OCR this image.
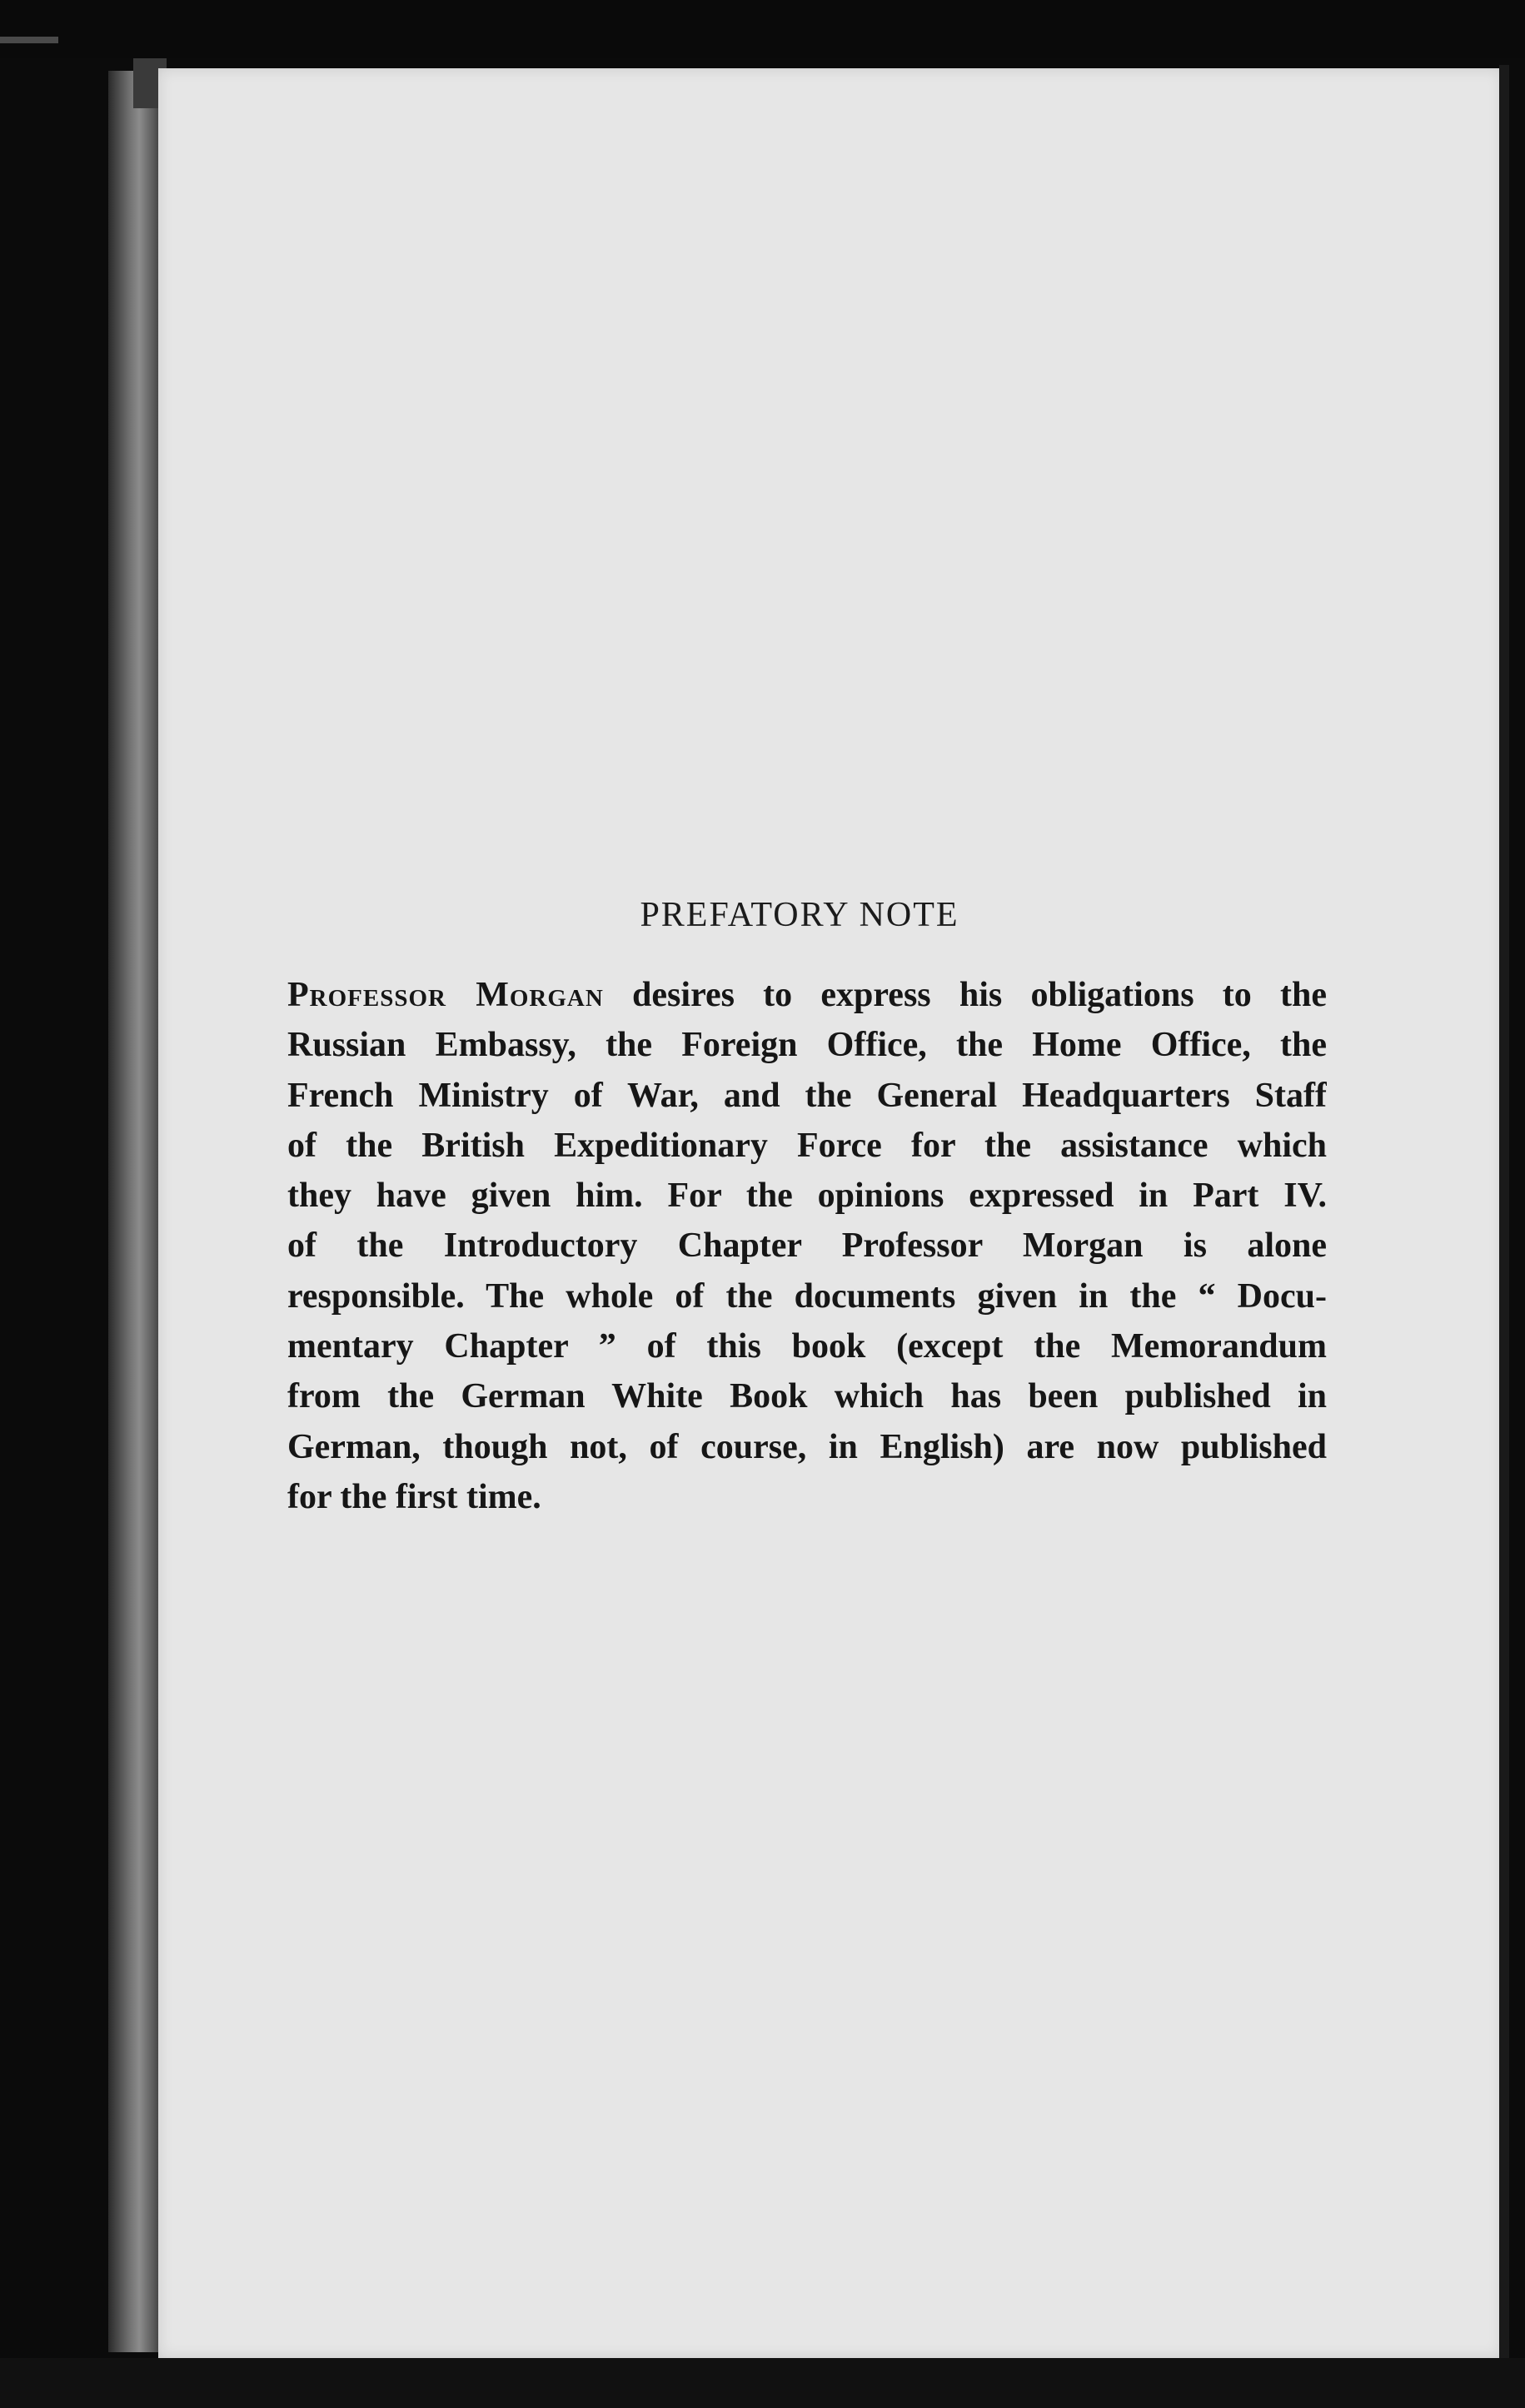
PREFATORY NOTE
Professor Morgan desires to express his obligations to the
Russian Embassy, the Foreign Office, the Home Office, the
French Ministry of War, and the General Headquarters Staff
of the British Expeditionary Force for the assistance which
they have given him. For the opinions expressed in Part IV.
of the Introductory Chapter Professor Morgan is alone
responsible. The whole of the documents given in the “ Docu-
mentary Chapter ” of this book (except the Memorandum
from the German White Book which has been published in
German, though not, of course, in English) are now published
for the first time.
